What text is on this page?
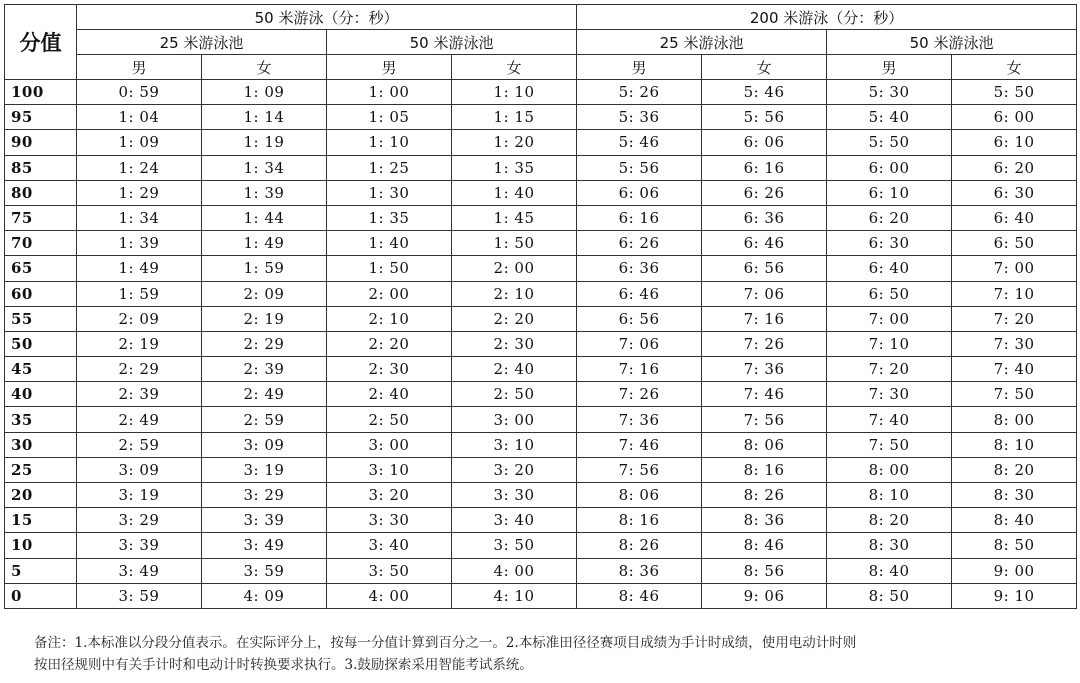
分值	50 米游泳（分：秒）				200 米游泳（分：秒）			
	25 米游泳池		50 米游泳池		25 米游泳池		50 米游泳池	
	男	女	男	女	男	女	男	女
100	0: 59	1: 09	1: 00	1: 10	5: 26	5: 46	5: 30	5: 50
95	1: 04	1: 14	1: 05	1: 15	5: 36	5: 56	5: 40	6: 00
90	1: 09	1: 19	1: 10	1: 20	5: 46	6: 06	5: 50	6: 10
85	1: 24	1: 34	1: 25	1: 35	5: 56	6: 16	6: 00	6: 20
80	1: 29	1: 39	1: 30	1: 40	6: 06	6: 26	6: 10	6: 30
75	1: 34	1: 44	1: 35	1: 45	6: 16	6: 36	6: 20	6: 40
70	1: 39	1: 49	1: 40	1: 50	6: 26	6: 46	6: 30	6: 50
65	1: 49	1: 59	1: 50	2: 00	6: 36	6: 56	6: 40	7: 00
60	1: 59	2: 09	2: 00	2: 10	6: 46	7: 06	6: 50	7: 10
55	2: 09	2: 19	2: 10	2: 20	6: 56	7: 16	7: 00	7: 20
50	2: 19	2: 29	2: 20	2: 30	7: 06	7: 26	7: 10	7: 30
45	2: 29	2: 39	2: 30	2: 40	7: 16	7: 36	7: 20	7: 40
40	2: 39	2: 49	2: 40	2: 50	7: 26	7: 46	7: 30	7: 50
35	2: 49	2: 59	2: 50	3: 00	7: 36	7: 56	7: 40	8: 00
30	2: 59	3: 09	3: 00	3: 10	7: 46	8: 06	7: 50	8: 10
25	3: 09	3: 19	3: 10	3: 20	7: 56	8: 16	8: 00	8: 20
20	3: 19	3: 29	3: 20	3: 30	8: 06	8: 26	8: 10	8: 30
15	3: 29	3: 39	3: 30	3: 40	8: 16	8: 36	8: 20	8: 40
10	3: 39	3: 49	3: 40	3: 50	8: 26	8: 46	8: 30	8: 50
5	3: 49	3: 59	3: 50	4: 00	8: 36	8: 56	8: 40	9: 00
0	3: 59	4: 09	4: 00	4: 10	8: 46	9: 06	8: 50	9: 10
备注：1.本标准以分段分值表示。在实际评分上，按每一分值计算到百分之一。2.本标准田径径赛项目成绩为手计时成绩，使用电动计时则
按田径规则中有关手计时和电动计时转换要求执行。3.鼓励探索采用智能考试系统。
